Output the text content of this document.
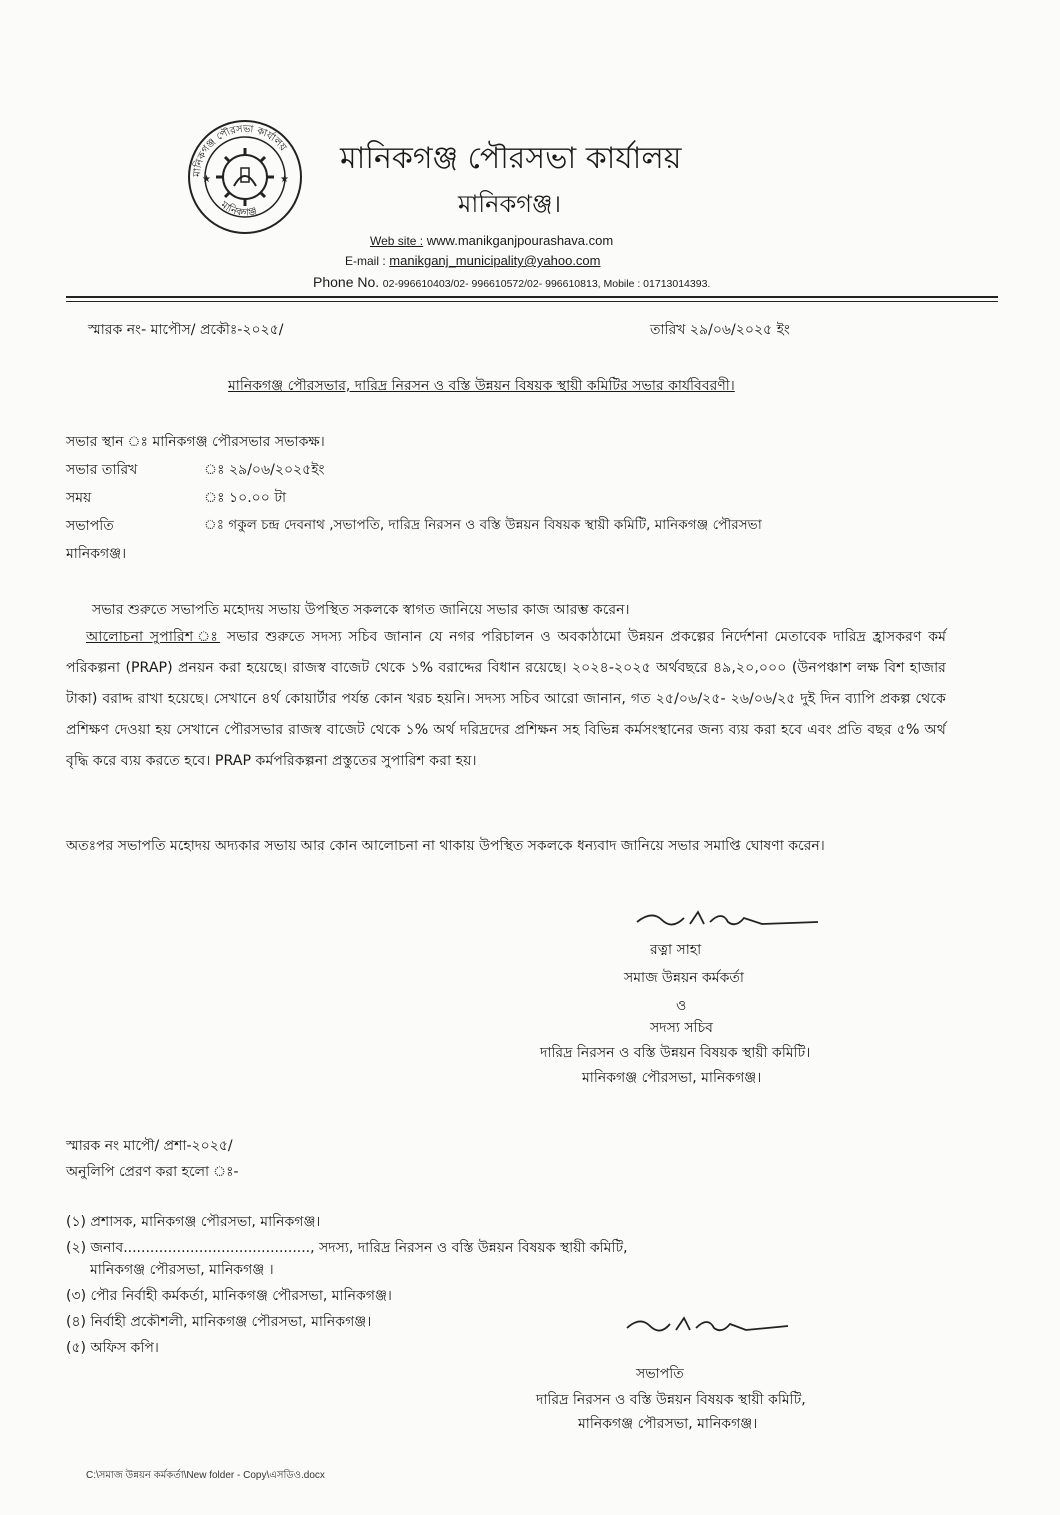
★	★
মানিকগঞ্জ পৌরসভা কার্যালয়
মানিকগঞ্জ।
Web site : www.manikganjpourashava.com
E-mail : manikganj_municipality@yahoo.com
Phone No. 02-996610403/02- 996610572/02- 996610813, Mobile : 01713014393.
স্মারক নং- মাপৌস/ প্রকৌঃ-২০২৫/	তারিখ ২৯/০৬/২০২৫ ইং
মানিকগঞ্জ পৌরসভার, দারিদ্র নিরসন ও বস্তি উন্নয়ন বিষয়ক স্থায়ী কমিটির সভার কার্যবিবরণী।
সভার স্থান ঃ মানিকগঞ্জ পৌরসভার সভাকক্ষ।
সভার তারিখ	ঃ ২৯/০৬/২০২৫ইং
সময়	ঃ ১০.০০ টা
সভাপতি	ঃ গকুল চন্দ্র দেবনাথ ,সভাপতি, দারিদ্র নিরসন ও বস্তি উন্নয়ন বিষয়ক স্থায়ী কমিটি, মানিকগঞ্জ পৌরসভা
মানিকগঞ্জ।
সভার শুরুতে সভাপতি মহোদয় সভায় উপস্থিত সকলকে স্বাগত জানিয়ে সভার কাজ আরম্ভ করেন।
আলোচনা সুপারিশ ঃ সভার শুরুতে সদস্য সচিব জানান যে নগর পরিচালন ও অবকাঠামো উন্নয়ন প্রকল্পের নির্দেশনা মেতাবেক দারিদ্র হ্রাসকরণ কর্ম পরিকল্পনা (PRAP) প্রনয়ন করা হয়েছে। রাজস্ব বাজেট থেকে ১% বরাদ্দের বিধান রয়েছে। ২০২৪-২০২৫ অর্থবছরে ৪৯,২০,০০০ (উনপঞ্চাশ লক্ষ বিশ হাজার টাকা) বরাদ্দ রাখা হয়েছে। সেখানে ৪র্থ কোয়ার্টার পর্যন্ত কোন খরচ হয়নি। সদস্য সচিব আরো জানান, গত ২৫/০৬/২৫- ২৬/০৬/২৫ দুই দিন ব্যাপি প্রকল্প থেকে প্রশিক্ষণ দেওয়া হয় সেখানে পৌরসভার রাজস্ব বাজেট থেকে ১% অর্থ দরিদ্রদের প্রশিক্ষন সহ বিভিন্ন কর্মসংস্থানের জন্য ব্যয় করা হবে এবং প্রতি বছর ৫% অর্থ বৃদ্ধি করে ব্যয় করতে হবে। PRAP কর্মপরিকল্পনা প্রস্তুতের সুপারিশ করা হয়।
অতঃপর সভাপতি মহোদয় অদ্যকার সভায় আর কোন আলোচনা না থাকায় উপস্থিত সকলকে ধন্যবাদ জানিয়ে সভার সমাপ্তি ঘোষণা করেন।
রত্না সাহা
সমাজ উন্নয়ন কর্মকর্তা
ও
সদস্য সচিব
দারিদ্র নিরসন ও বস্তি উন্নয়ন বিষয়ক স্থায়ী কমিটি।
মানিকগঞ্জ পৌরসভা, মানিকগঞ্জ।
স্মারক নং মাপৌ/ প্রশা-২০২৫/
অনুলিপি প্রেরণ করা হলো ঃ-
(১) প্রশাসক, মানিকগঞ্জ পৌরসভা, মানিকগঞ্জ।
(২) জনাব.........................................., সদস্য, দারিদ্র নিরসন ও বস্তি উন্নয়ন বিষয়ক স্থায়ী কমিটি,
মানিকগঞ্জ পৌরসভা, মানিকগঞ্জ ।
(৩) পৌর নির্বাহী কর্মকর্তা, মানিকগঞ্জ পৌরসভা, মানিকগঞ্জ।
(৪) নির্বাহী প্রকৌশলী, মানিকগঞ্জ পৌরসভা, মানিকগঞ্জ।
(৫) অফিস কপি।
সভাপতি
দারিদ্র নিরসন ও বস্তি উন্নয়ন বিষয়ক স্থায়ী কমিটি,
মানিকগঞ্জ পৌরসভা, মানিকগঞ্জ।
C:\সমাজ উন্নয়ন কর্মকর্তা\New folder - Copy\এসডিও.docx
মানিকগঞ্জ পৌরসভা কার্যালয়
মানিকগঞ্জ
